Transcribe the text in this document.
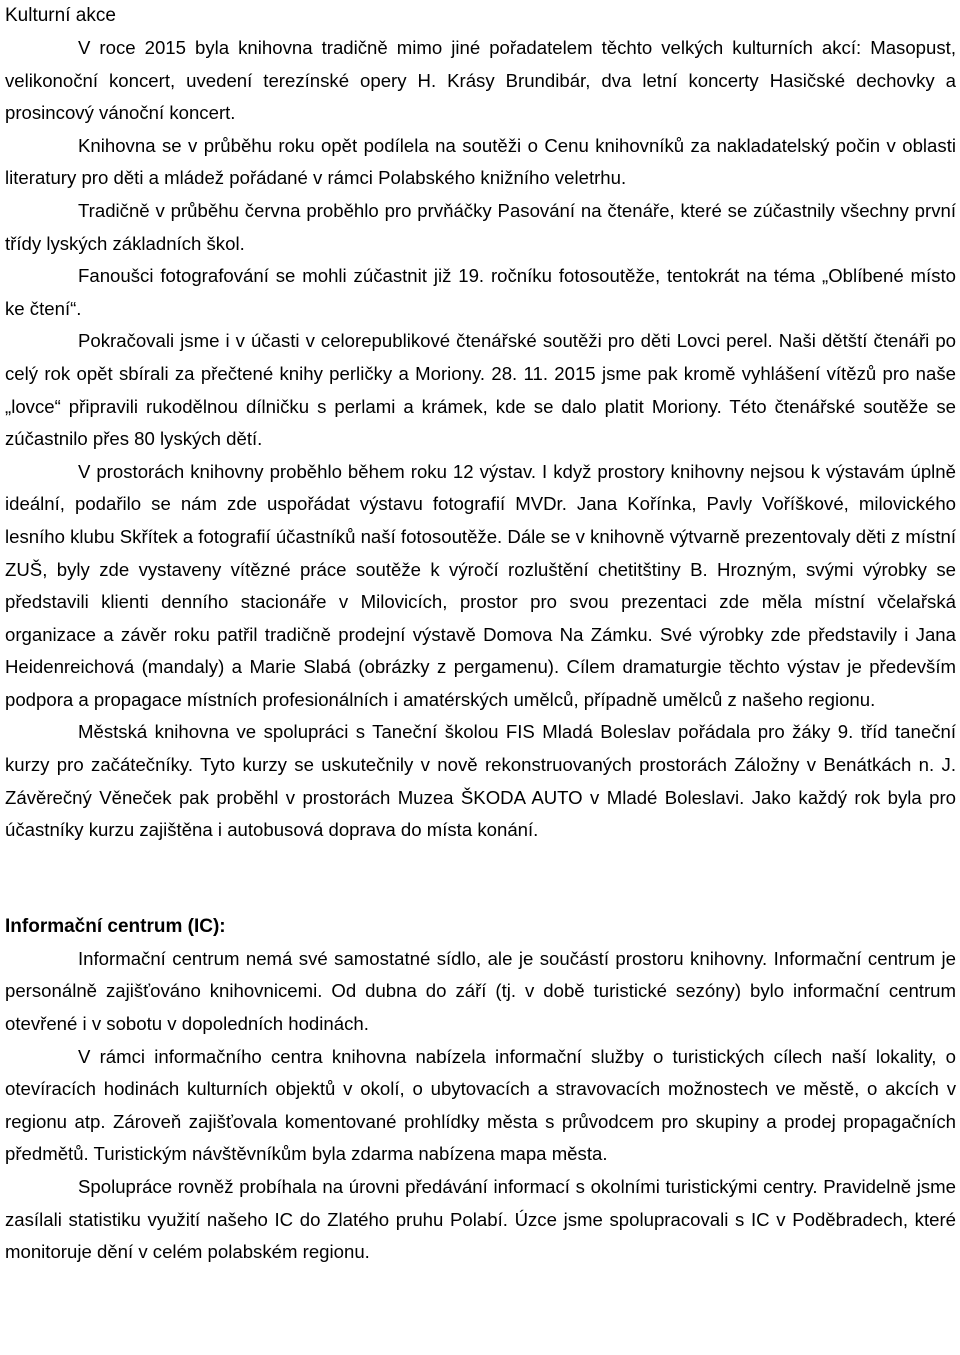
Kulturní akce

V roce 2015 byla knihovna tradičně mimo jiné pořadatelem těchto velkých kulturních akcí: Masopust, velikonoční koncert, uvedení terezínské opery H. Krásy Brundibár, dva letní koncerty Hasičské dechovky a prosincový vánoční koncert.

Knihovna se v průběhu roku opět podílela na soutěži o Cenu knihovníků za nakladatelský počin v oblasti literatury pro děti a mládež pořádané v rámci Polabského knižního veletrhu.

Tradičně v průběhu června proběhlo pro prvňáčky Pasování na čtenáře, které se zúčastnily všechny první třídy lyských základních škol.

Fanoušci fotografování se mohli zúčastnit již 19. ročníku fotosoutěže, tentokrát na téma „Oblíbené místo ke čtení“.

Pokračovali jsme i v účasti v celorepublikové čtenářské soutěži pro děti Lovci perel. Naši dětští čtenáři po celý rok opět sbírali za přečtené knihy perličky a Moriony. 28. 11. 2015 jsme pak kromě vyhlášení vítězů pro naše „lovce“ připravili rukodělnou dílničku s perlami a krámek, kde se dalo platit Moriony. Této čtenářské soutěže se zúčastnilo přes 80 lyských dětí.

V prostorách knihovny proběhlo během roku 12 výstav. I když prostory knihovny nejsou k výstavám úplně ideální, podařilo se nám zde uspořádat výstavu fotografií MVDr. Jana Kořínka, Pavly Voříškové, milovického lesního klubu Skřítek a fotografií účastníků naší fotosoutěže. Dále se v knihovně výtvarně prezentovaly děti z místní ZUŠ, byly zde vystaveny vítězné práce soutěže k výročí rozluštění chetitštiny B. Hrozným, svými výrobky se představili klienti denního stacionáře v Milovicích, prostor pro svou prezentaci zde měla místní včelařská organizace a závěr roku patřil tradičně prodejní výstavě Domova Na Zámku. Své výrobky zde představily i Jana Heidenreichová (mandaly) a Marie Slabá (obrázky z pergamenu). Cílem dramaturgie těchto výstav je především podpora a propagace místních profesionálních i amatérských umělců, případně umělců z našeho regionu.

Městská knihovna ve spolupráci s Taneční školou FIS Mladá Boleslav pořádala pro žáky 9. tříd taneční kurzy pro začátečníky. Tyto kurzy se uskutečnily v nově rekonstruovaných prostorách Záložny v Benátkách n. J. Závěrečný Věneček pak proběhl v prostorách Muzea ŠKODA AUTO v Mladé Boleslavi. Jako každý rok byla pro účastníky kurzu zajištěna i autobusová doprava do místa konání.

Informační centrum (IC):

Informační centrum nemá své samostatné sídlo, ale je součástí prostoru knihovny. Informační centrum je personálně zajišťováno knihovnicemi. Od dubna do září (tj. v době turistické sezóny) bylo informační centrum otevřené i v sobotu v dopoledních hodinách.

V rámci informačního centra knihovna nabízela informační služby o turistických cílech naší lokality, o otevíracích hodinách kulturních objektů v okolí, o ubytovacích a stravovacích možnostech ve městě, o akcích v regionu atp. Zároveň zajišťovala komentované prohlídky města s průvodcem pro skupiny a prodej propagačních předmětů. Turistickým návštěvníkům byla zdarma nabízena mapa města.

Spolupráce rovněž probíhala na úrovni předávání informací s okolními turistickými centry. Pravidelně jsme zasílali statistiku využití našeho IC do Zlatého pruhu Polabí. Úzce jsme spolupracovali s IC v Poděbradech, které monitoruje dění v celém polabském regionu.
